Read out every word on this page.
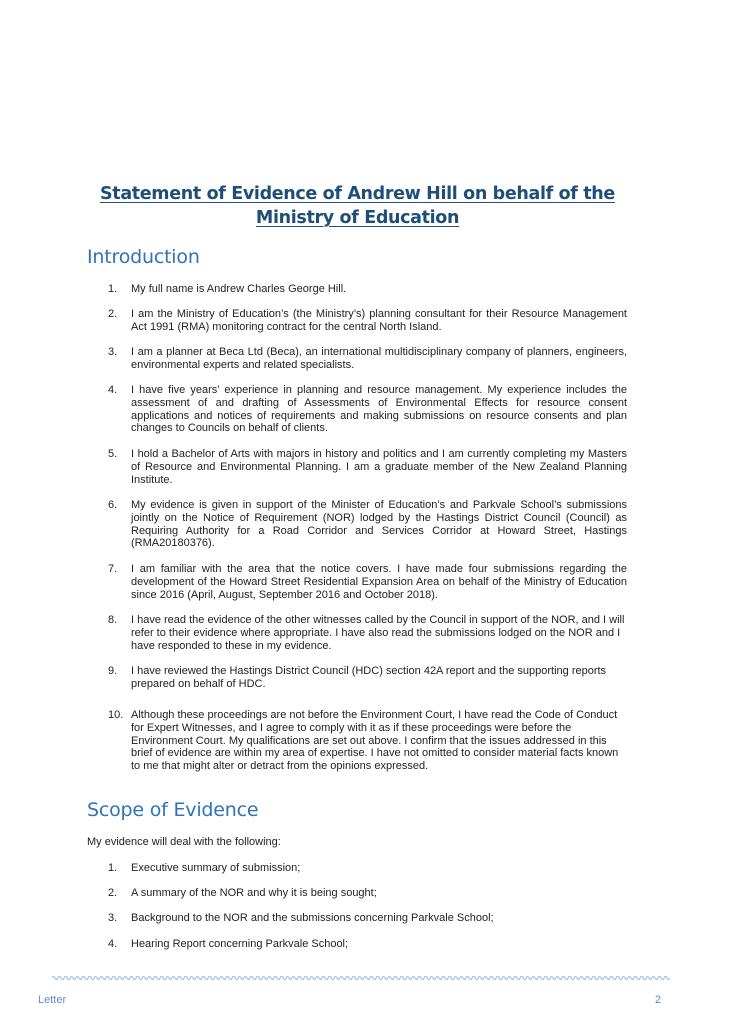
Statement of Evidence of Andrew Hill on behalf of the Ministry of Education
Introduction
1.	My full name is Andrew Charles George Hill.
2.	I am the Ministry of Education’s (the Ministry’s) planning consultant for their Resource Management Act 1991 (RMA) monitoring contract for the central North Island.
3.	I am a planner at Beca Ltd (Beca), an international multidisciplinary company of planners, engineers, environmental experts and related specialists.
4.	I have five years’ experience in planning and resource management. My experience includes the assessment of and drafting of Assessments of Environmental Effects for resource consent applications and notices of requirements and making submissions on resource consents and plan changes to Councils on behalf of clients.
5.	I hold a Bachelor of Arts with majors in history and politics and I am currently completing my Masters of Resource and Environmental Planning. I am a graduate member of the New Zealand Planning Institute.
6.	My evidence is given in support of the Minister of Education’s and Parkvale School’s submissions jointly on the Notice of Requirement (NOR) lodged by the Hastings District Council (Council) as Requiring Authority for a Road Corridor and Services Corridor at Howard Street, Hastings (RMA20180376).
7.	I am familiar with the area that the notice covers. I have made four submissions regarding the development of the Howard Street Residential Expansion Area on behalf of the Ministry of Education since 2016 (April, August, September 2016 and October 2018).
8.	I have read the evidence of the other witnesses called by the Council in support of the NOR, and I will refer to their evidence where appropriate. I have also read the submissions lodged on the NOR and I have responded to these in my evidence.
9.	I have reviewed the Hastings District Council (HDC) section 42A report and the supporting reports prepared on behalf of HDC.
10. Although these proceedings are not before the Environment Court, I have read the Code of Conduct for Expert Witnesses, and I agree to comply with it as if these proceedings were before the Environment Court. My qualifications are set out above. I confirm that the issues addressed in this brief of evidence are within my area of expertise. I have not omitted to consider material facts known to me that might alter or detract from the opinions expressed.
Scope of Evidence
My evidence will deal with the following:
1.	Executive summary of submission;
2.	A summary of the NOR and why it is being sought;
3.	Background to the NOR and the submissions concerning Parkvale School;
4.	Hearing Report concerning Parkvale School;
Letter	2
